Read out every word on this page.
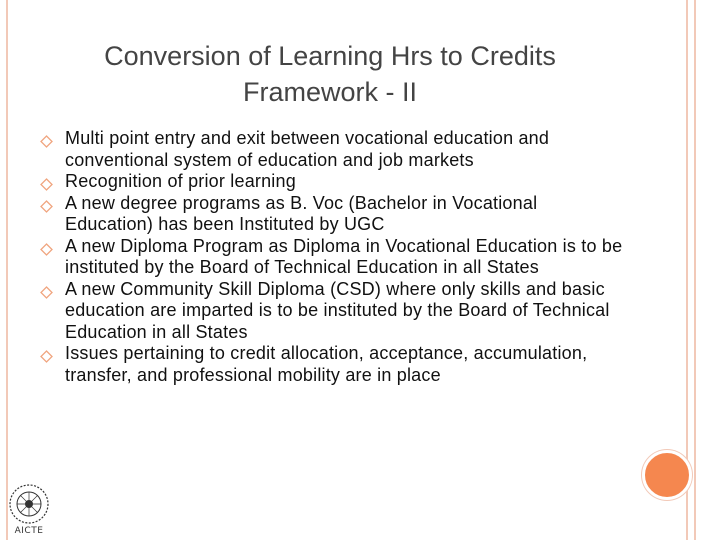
Conversion of Learning Hrs to Credits
Framework - II
Multi point entry and exit between vocational education and conventional system of education and job markets
Recognition of prior learning
A new degree programs as B. Voc (Bachelor in Vocational Education) has been Instituted by UGC
A new Diploma Program as Diploma in Vocational Education is to be instituted by the Board of Technical Education in all States
A new Community Skill Diploma (CSD) where only skills and basic education are imparted is to be instituted by the Board of Technical Education in all States
Issues pertaining to credit allocation, acceptance, accumulation, transfer, and professional mobility are in place
AICTE
